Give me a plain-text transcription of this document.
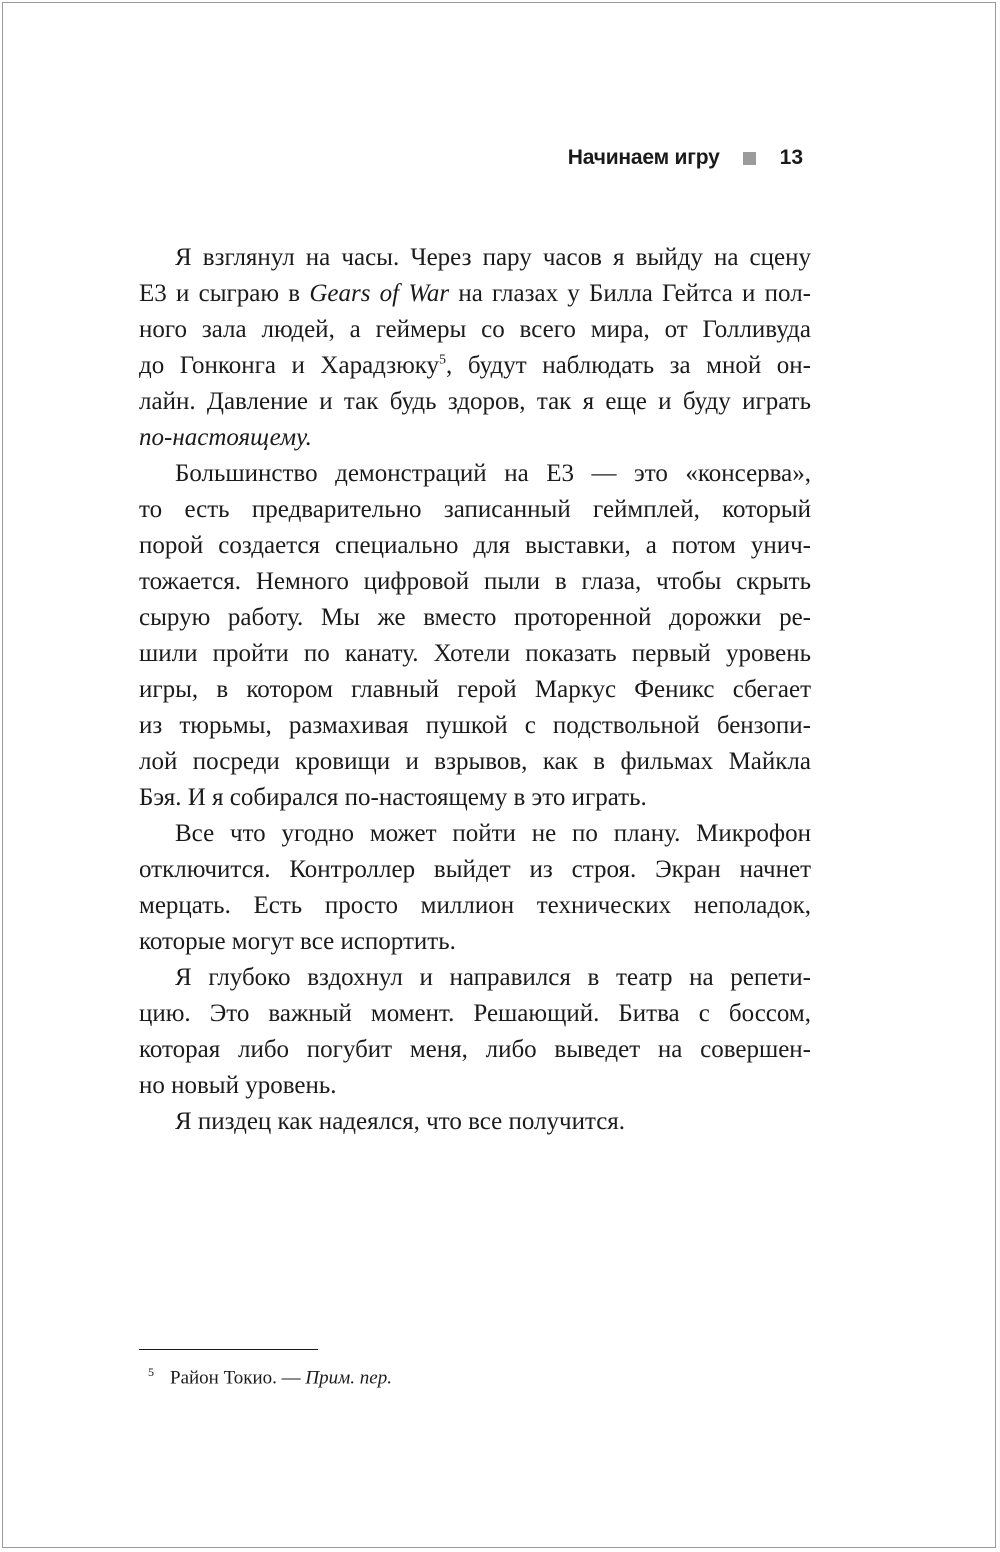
Начинаем игру	13
Я взглянул на часы. Через пару часов я выйду на сцену
E3 и сыграю в Gears of War на глазах у Билла Гейтса и пол-
ного зала людей, а геймеры со всего мира, от Голливуда
до Гонконга и Харадзюку$^5$, будут наблюдать за мной он-
лайн. Давление и так будь здоров, так я еще и буду играть
по-настоящему.
Большинство демонстраций на E3 — это «консерва»,
то есть предварительно записанный геймплей, который
порой создается специально для выставки, а потом унич-
тожается. Немного цифровой пыли в глаза, чтобы скрыть
сырую работу. Мы же вместо проторенной дорожки ре-
шили пройти по канату. Хотели показать первый уровень
игры, в котором главный герой Маркус Феникс сбегает
из тюрьмы, размахивая пушкой с подствольной бензопи-
лой посреди кровищи и взрывов, как в фильмах Майкла
Бэя. И я собирался по-настоящему в это играть.
Все что угодно может пойти не по плану. Микрофон
отключится. Контроллер выйдет из строя. Экран начнет
мерцать. Есть просто миллион технических неполадок,
которые могут все испортить.
Я глубоко вздохнул и направился в театр на репети-
цию. Это важный момент. Решающий. Битва с боссом,
которая либо погубит меня, либо выведет на совершен-
но новый уровень.
Я пиздец как надеялся, что все получится.
$^5$ Район Токио. — Прим. пер.
